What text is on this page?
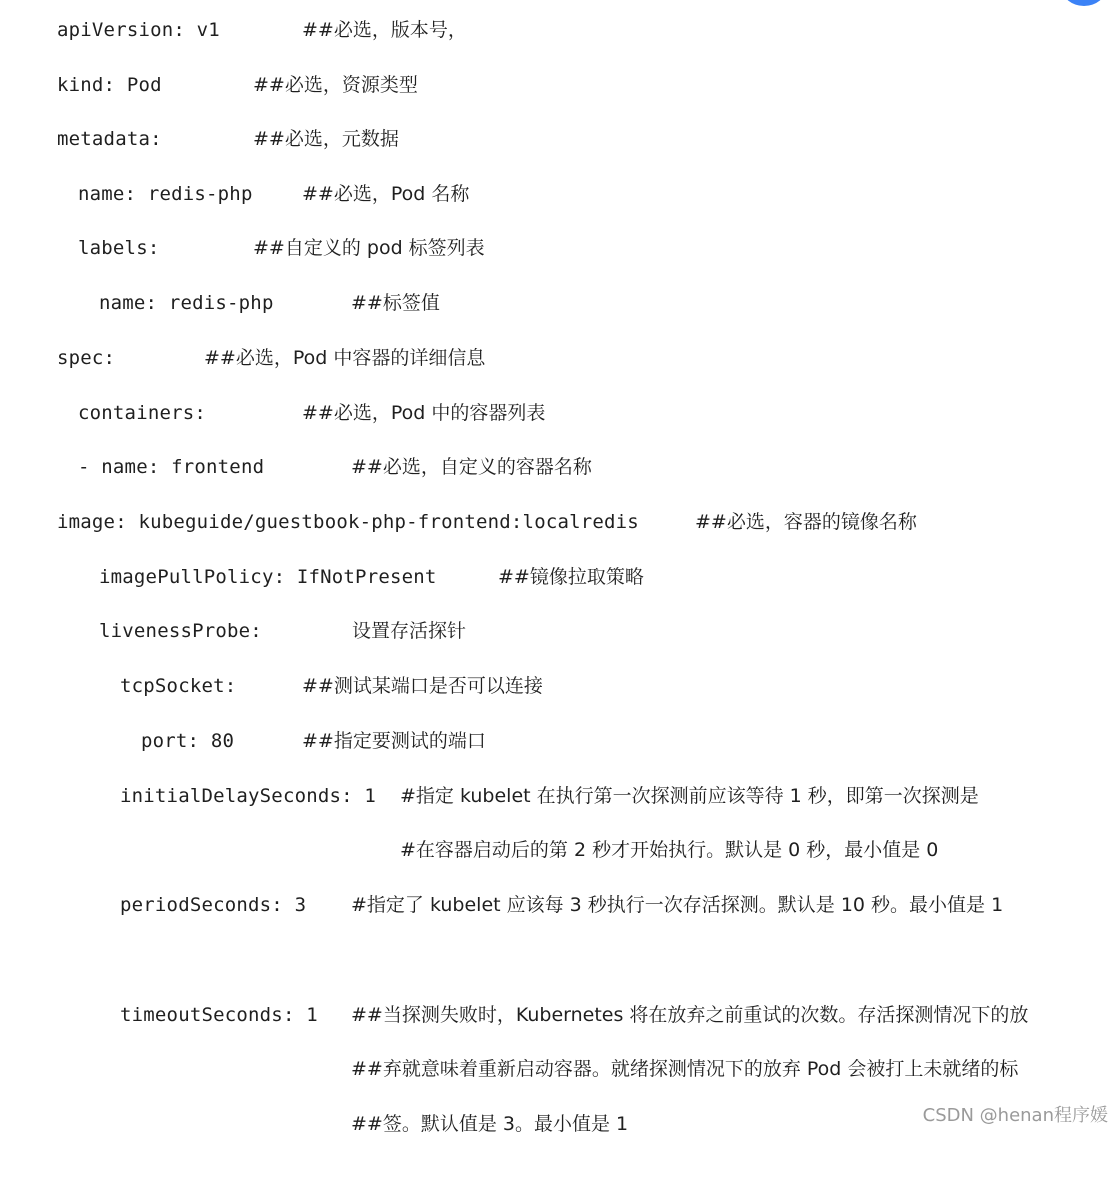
apiVersion: v1

	##必选，版本号，

kind: Pod

	##必选，资源类型

metadata:

	##必选，元数据

name: redis-php

	##必选，Pod 名称

labels:

	##自定义的 pod 标签列表

name: redis-php

	##标签值

spec:

	##必选，Pod 中容器的详细信息

containers:

	##必选，Pod 中的容器列表

- name: frontend

	##必选，自定义的容器名称

image: kubeguide/guestbook-php-frontend:localredis

	##必选，容器的镜像名称

imagePullPolicy: IfNotPresent

	##镜像拉取策略

livenessProbe:

	设置存活探针

tcpSocket:

	##测试某端口是否可以连接

port: 80

	##指定要测试的端口

initialDelaySeconds: 1

#指定 kubelet 在执行第一次探测前应该等待 1 秒，即第一次探测是

#在容器启动后的第 2 秒才开始执行。默认是 0 秒，最小值是 0

periodSeconds: 3

#指定了 kubelet 应该每 3 秒执行一次存活探测。默认是 10 秒。最小值是 1

timeoutSeconds: 1

##当探测失败时，Kubernetes 将在放弃之前重试的次数。存活探测情况下的放

##弃就意味着重新启动容器。就绪探测情况下的放弃 Pod 会被打上未就绪的标

##签。默认值是 3。最小值是 1

	CSDN @henan程序媛
